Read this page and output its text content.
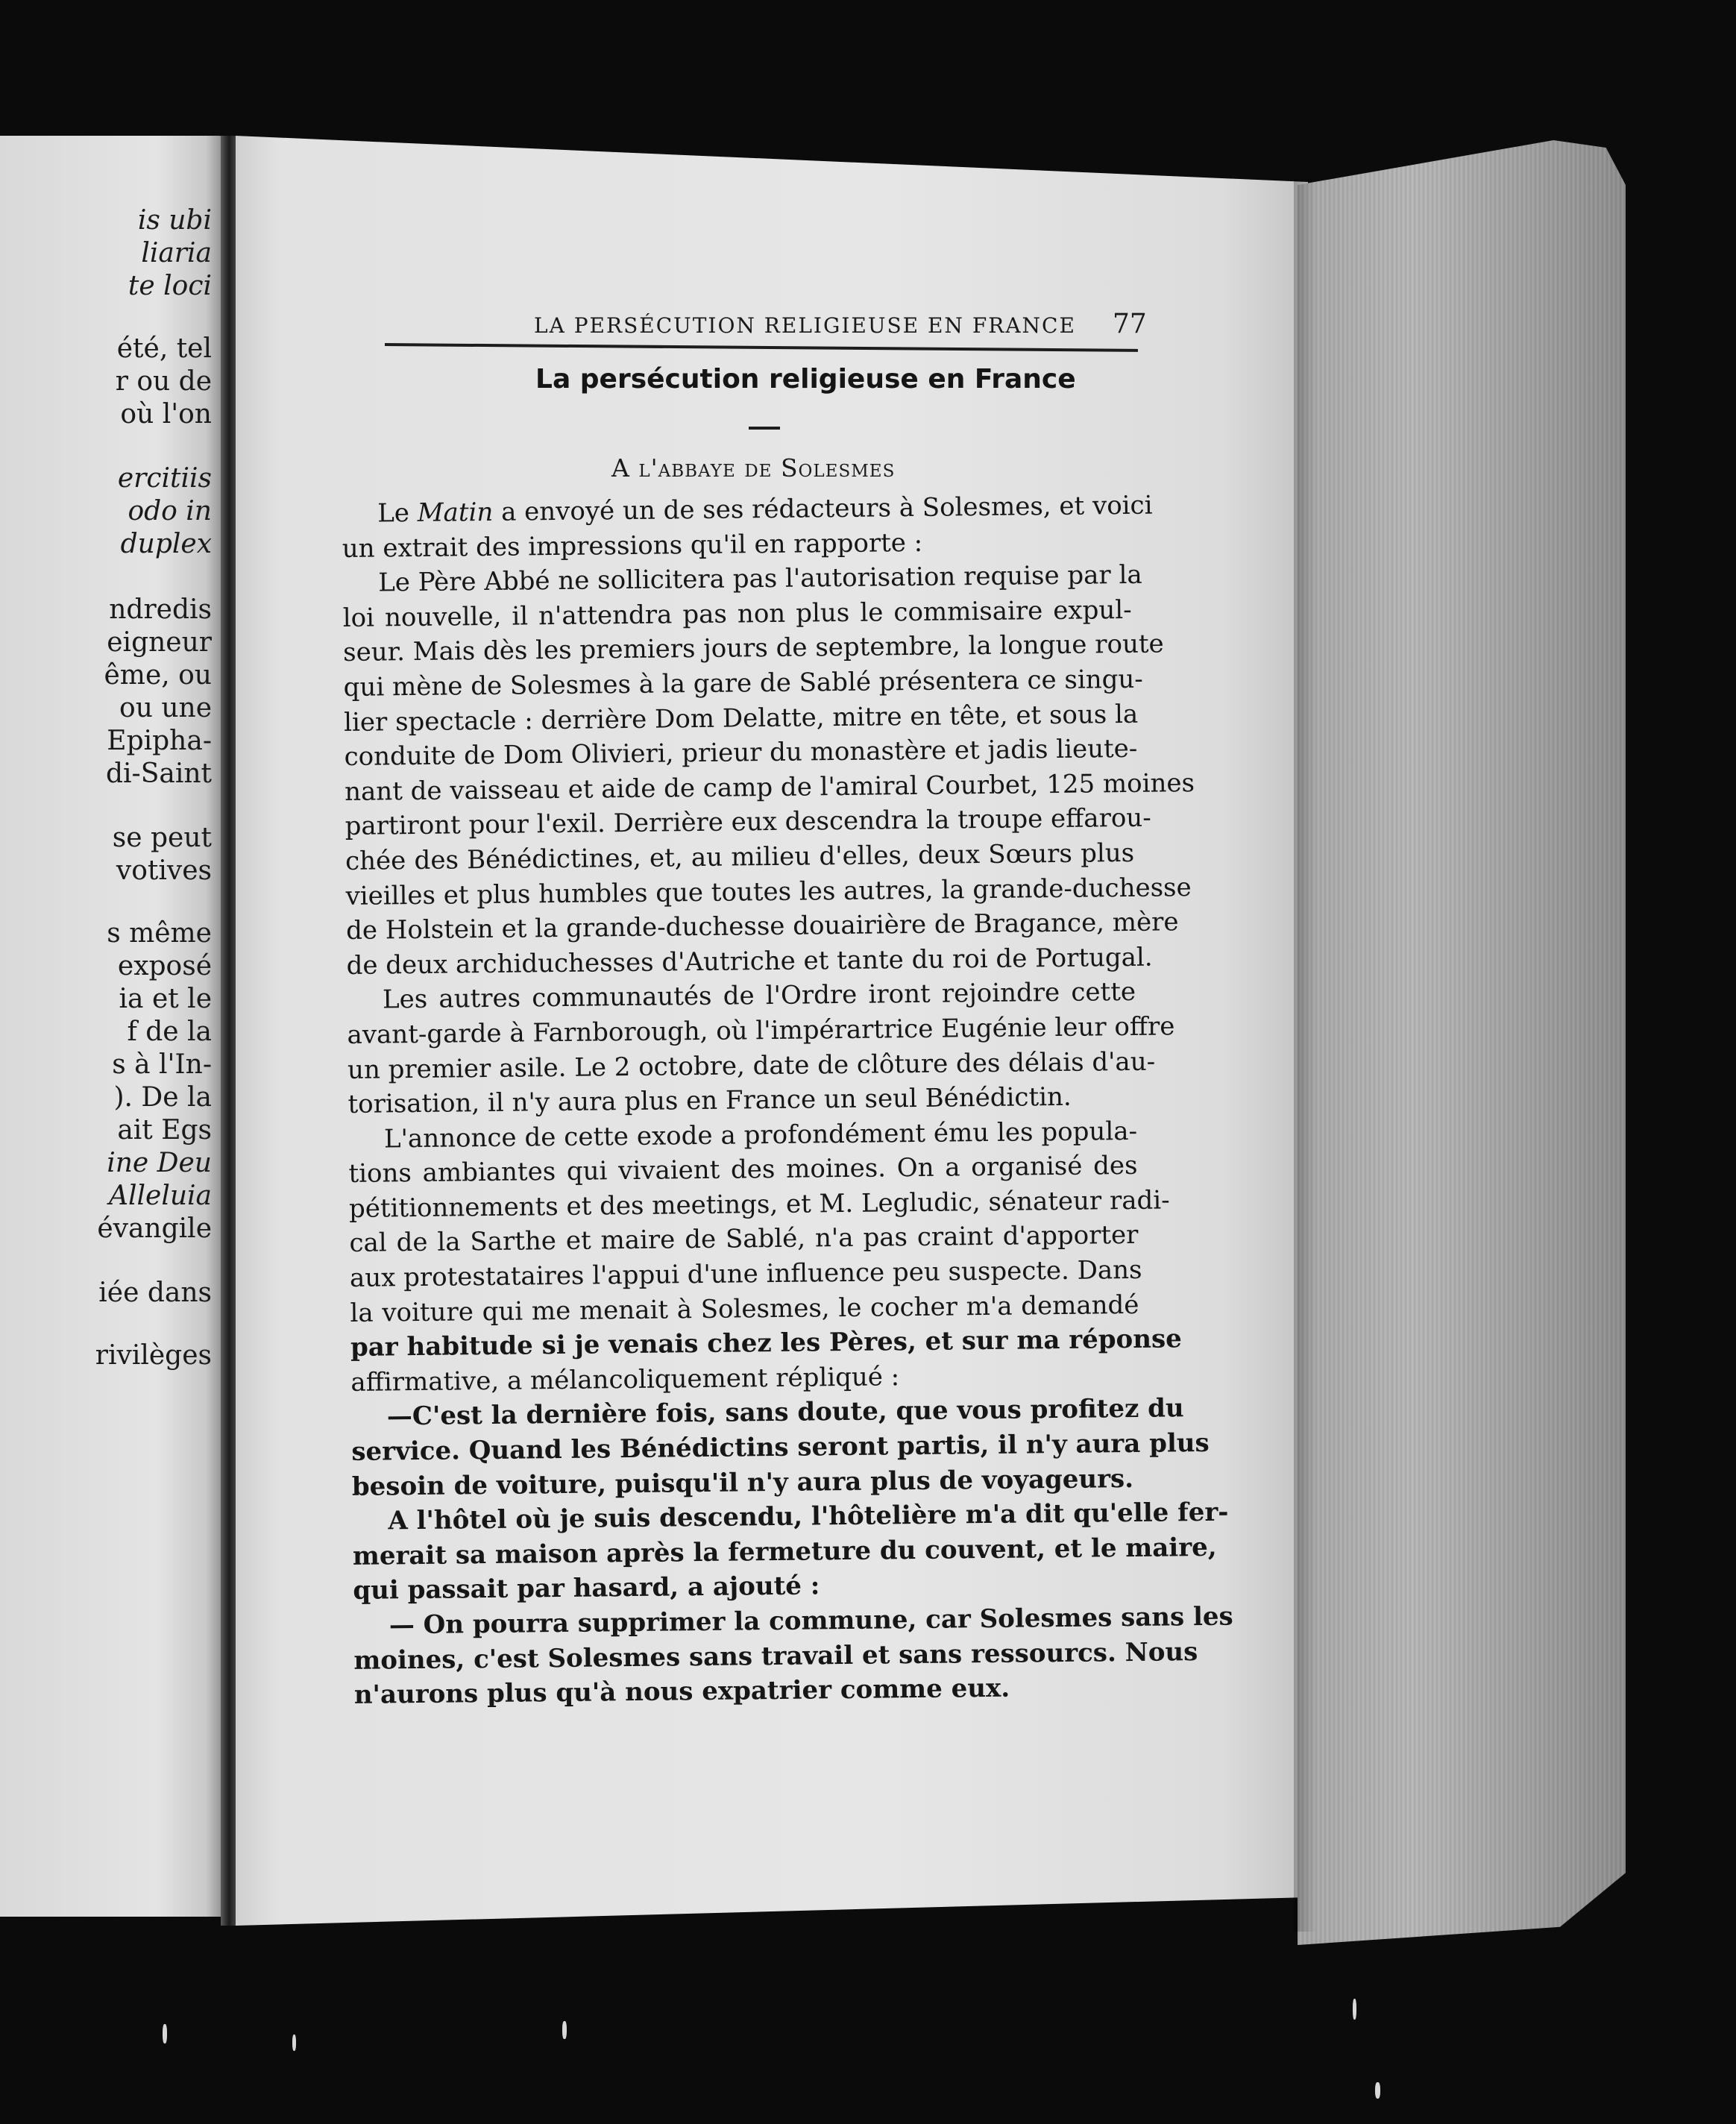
is ubi
liaria
te loci
été, tel
r ou de
où l'on
ercitiis
odo in
duplex
ndredis
eigneur
ême, ou
ou une
Epipha-
di-Saint
se peut
votives
s même
exposé
ia et le
f de la
s à l'In-
). De la
ait Egs
ine Deu
Alleluia
évangile
iée dans
rivilèges
LA PERSÉCUTION RELIGIEUSE EN FRANCE 77
La persécution religieuse en France
A l'abbaye de Solesmes
Le Matin a envoyé un de ses rédacteurs à Solesmes, et voici
un extrait des impressions qu'il en rapporte :
Le Père Abbé ne sollicitera pas l'autorisation requise par la
loi nouvelle, il n'attendra pas non plus le commisaire expul-
seur. Mais dès les premiers jours de septembre, la longue route
qui mène de Solesmes à la gare de Sablé présentera ce singu-
lier spectacle : derrière Dom Delatte, mitre en tête, et sous la
conduite de Dom Olivieri, prieur du monastère et jadis lieute-
nant de vaisseau et aide de camp de l'amiral Courbet, 125 moines
partiront pour l'exil. Derrière eux descendra la troupe effarou-
chée des Bénédictines, et, au milieu d'elles, deux Sœurs plus
vieilles et plus humbles que toutes les autres, la grande-duchesse
de Holstein et la grande-duchesse douairière de Bragance, mère
de deux archiduchesses d'Autriche et tante du roi de Portugal.
Les autres communautés de l'Ordre iront rejoindre cette
avant-garde à Farnborough, où l'impérartrice Eugénie leur offre
un premier asile. Le 2 octobre, date de clôture des délais d'au-
torisation, il n'y aura plus en France un seul Bénédictin.
L'annonce de cette exode a profondément ému les popula-
tions ambiantes qui vivaient des moines. On a organisé des
pétitionnements et des meetings, et M. Legludic, sénateur radi-
cal de la Sarthe et maire de Sablé, n'a pas craint d'apporter
aux protestataires l'appui d'une influence peu suspecte. Dans
la voiture qui me menait à Solesmes, le cocher m'a demandé
par habitude si je venais chez les Pères, et sur ma réponse
affirmative, a mélancoliquement répliqué :
—C'est la dernière fois, sans doute, que vous profitez du
service. Quand les Bénédictins seront partis, il n'y aura plus
besoin de voiture, puisqu'il n'y aura plus de voyageurs.
A l'hôtel où je suis descendu, l'hôtelière m'a dit qu'elle fer-
merait sa maison après la fermeture du couvent, et le maire,
qui passait par hasard, a ajouté :
— On pourra supprimer la commune, car Solesmes sans les
moines, c'est Solesmes sans travail et sans ressourcs. Nous
n'aurons plus qu'à nous expatrier comme eux.
